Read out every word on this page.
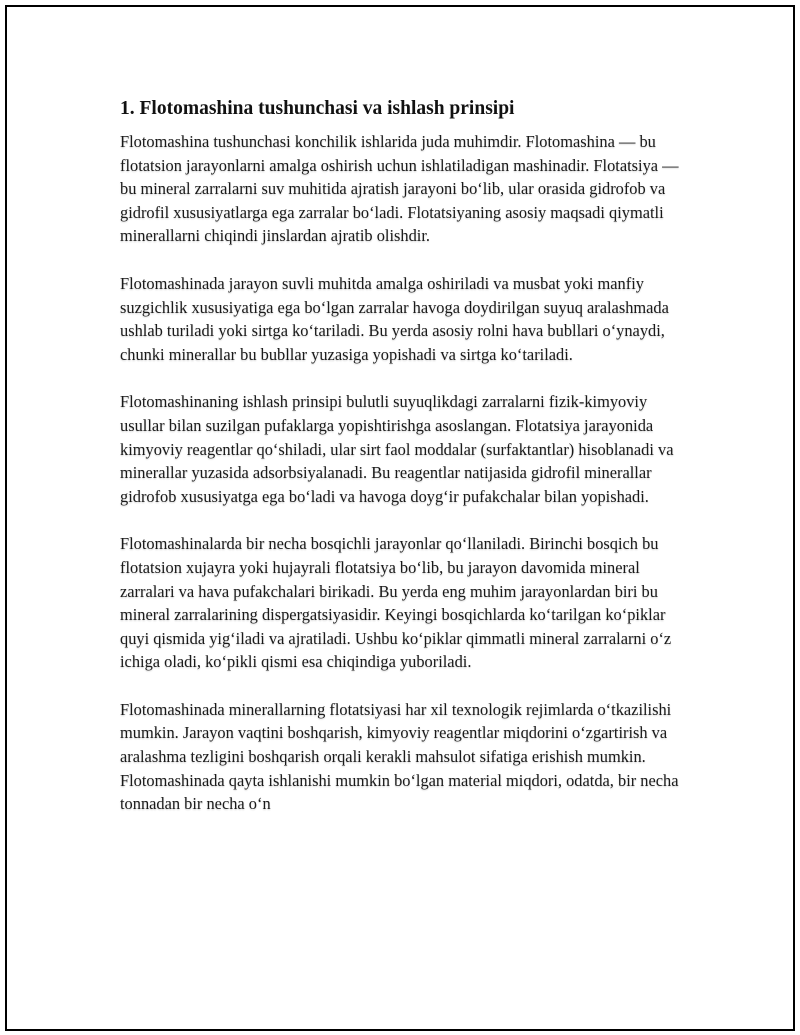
1. Flotomashina tushunchasi va ishlash prinsipi

Flotomashina tushunchasi konchilik ishlarida juda muhimdir. Flotomashina — bu flotatsion jarayonlarni amalga oshirish uchun ishlatiladigan mashinadir. Flotatsiya — bu mineral zarralarni suv muhitida ajratish jarayoni bo‘lib, ular orasida gidrofob va gidrofil xususiyatlarga ega zarralar bo‘ladi. Flotatsiyaning asosiy maqsadi qiymatli minerallarni chiqindi jinslardan ajratib olishdir.

Flotomashinada jarayon suvli muhitda amalga oshiriladi va musbat yoki manfiy suzgichlik xususiyatiga ega bo‘lgan zarralar havoga doydirilgan suyuq aralashmada ushlab turiladi yoki sirtga ko‘tariladi. Bu yerda asosiy rolni hava bubllari o‘ynaydi, chunki minerallar bu bubllar yuzasiga yopishadi va sirtga ko‘tariladi.

Flotomashinaning ishlash prinsipi bulutli suyuqlikdagi zarralarni fizik-kimyoviy usullar bilan suzilgan pufaklarga yopishtirishga asoslangan. Flotatsiya jarayonida kimyoviy reagentlar qo‘shiladi, ular sirt faol moddalar (surfaktantlar) hisoblanadi va minerallar yuzasida adsorbsiyalanadi. Bu reagentlar natijasida gidrofil minerallar gidrofob xususiyatga ega bo‘ladi va havoga doyg‘ir pufakchalar bilan yopishadi.

Flotomashinalarda bir necha bosqichli jarayonlar qo‘llaniladi. Birinchi bosqich bu flotatsion xujayra yoki hujayrali flotatsiya bo‘lib, bu jarayon davomida mineral zarralari va hava pufakchalari birikadi. Bu yerda eng muhim jarayonlardan biri bu mineral zarralarining dispergatsiyasidir. Keyingi bosqichlarda ko‘tarilgan ko‘piklar quyi qismida yig‘iladi va ajratiladi. Ushbu ko‘piklar qimmatli mineral zarralarni o‘z ichiga oladi, ko‘pikli qismi esa chiqindiga yuboriladi.

Flotomashinada minerallarning flotatsiyasi har xil texnologik rejimlarda o‘tkazilishi mumkin. Jarayon vaqtini boshqarish, kimyoviy reagentlar miqdorini o‘zgartirish va aralashma tezligini boshqarish orqali kerakli mahsulot sifatiga erishish mumkin. Flotomashinada qayta ishlanishi mumkin bo‘lgan material miqdori, odatda, bir necha tonnadan bir necha o‘n
